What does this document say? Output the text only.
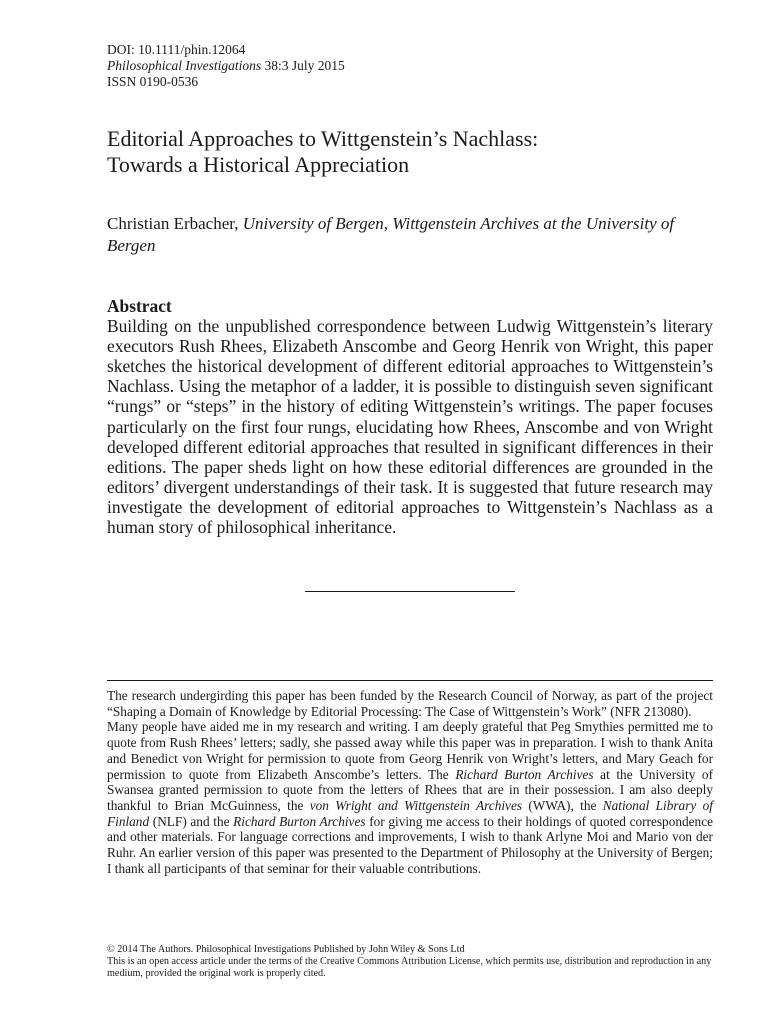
DOI: 10.1111/phin.12064
Philosophical Investigations 38:3 July 2015
ISSN 0190-0536
Editorial Approaches to Wittgenstein’s Nachlass:
Towards a Historical Appreciation
Christian Erbacher, University of Bergen, Wittgenstein Archives at the University of Bergen
Abstract
Building on the unpublished correspondence between Ludwig Wittgenstein’s literary executors Rush Rhees, Elizabeth Anscombe and Georg Henrik von Wright, this paper sketches the historical development of different editorial approaches to Wittgenstein’s Nachlass. Using the metaphor of a ladder, it is possible to distinguish seven significant “rungs” or “steps” in the history of editing Wittgenstein’s writings. The paper focuses particularly on the first four rungs, elucidating how Rhees, Anscombe and von Wright developed different editorial approaches that resulted in significant differences in their editions. The paper sheds light on how these editorial differences are grounded in the editors’ divergent understandings of their task. It is suggested that future research may investigate the development of editorial approaches to Wittgenstein’s Nachlass as a human story of philosophical inheritance.

The research undergirding this paper has been funded by the Research Council of Norway, as part of the project “Shaping a Domain of Knowledge by Editorial Processing: The Case of Wittgenstein’s Work” (NFR 213080).

Many people have aided me in my research and writing. I am deeply grateful that Peg Smythies permitted me to quote from Rush Rhees’ letters; sadly, she passed away while this paper was in preparation. I wish to thank Anita and Benedict von Wright for permission to quote from Georg Henrik von Wright’s letters, and Mary Geach for permission to quote from Elizabeth Anscombe’s letters. The Richard Burton Archives at the University of Swansea granted permission to quote from the letters of Rhees that are in their possession. I am also deeply thankful to Brian McGuinness, the von Wright and Wittgenstein Archives (WWA), the National Library of Finland (NLF) and the Richard Burton Archives for giving me access to their holdings of quoted correspondence and other materials. For language corrections and improvements, I wish to thank Arlyne Moi and Mario von der Ruhr. An earlier version of this paper was presented to the Department of Philosophy at the University of Bergen; I thank all participants of that seminar for their valuable contributions.

© 2014 The Authors. Philosophical Investigations Published by John Wiley & Sons Ltd

This is an open access article under the terms of the Creative Commons Attribution License, which permits use, distribution and reproduction in any medium, provided the original work is properly cited.
